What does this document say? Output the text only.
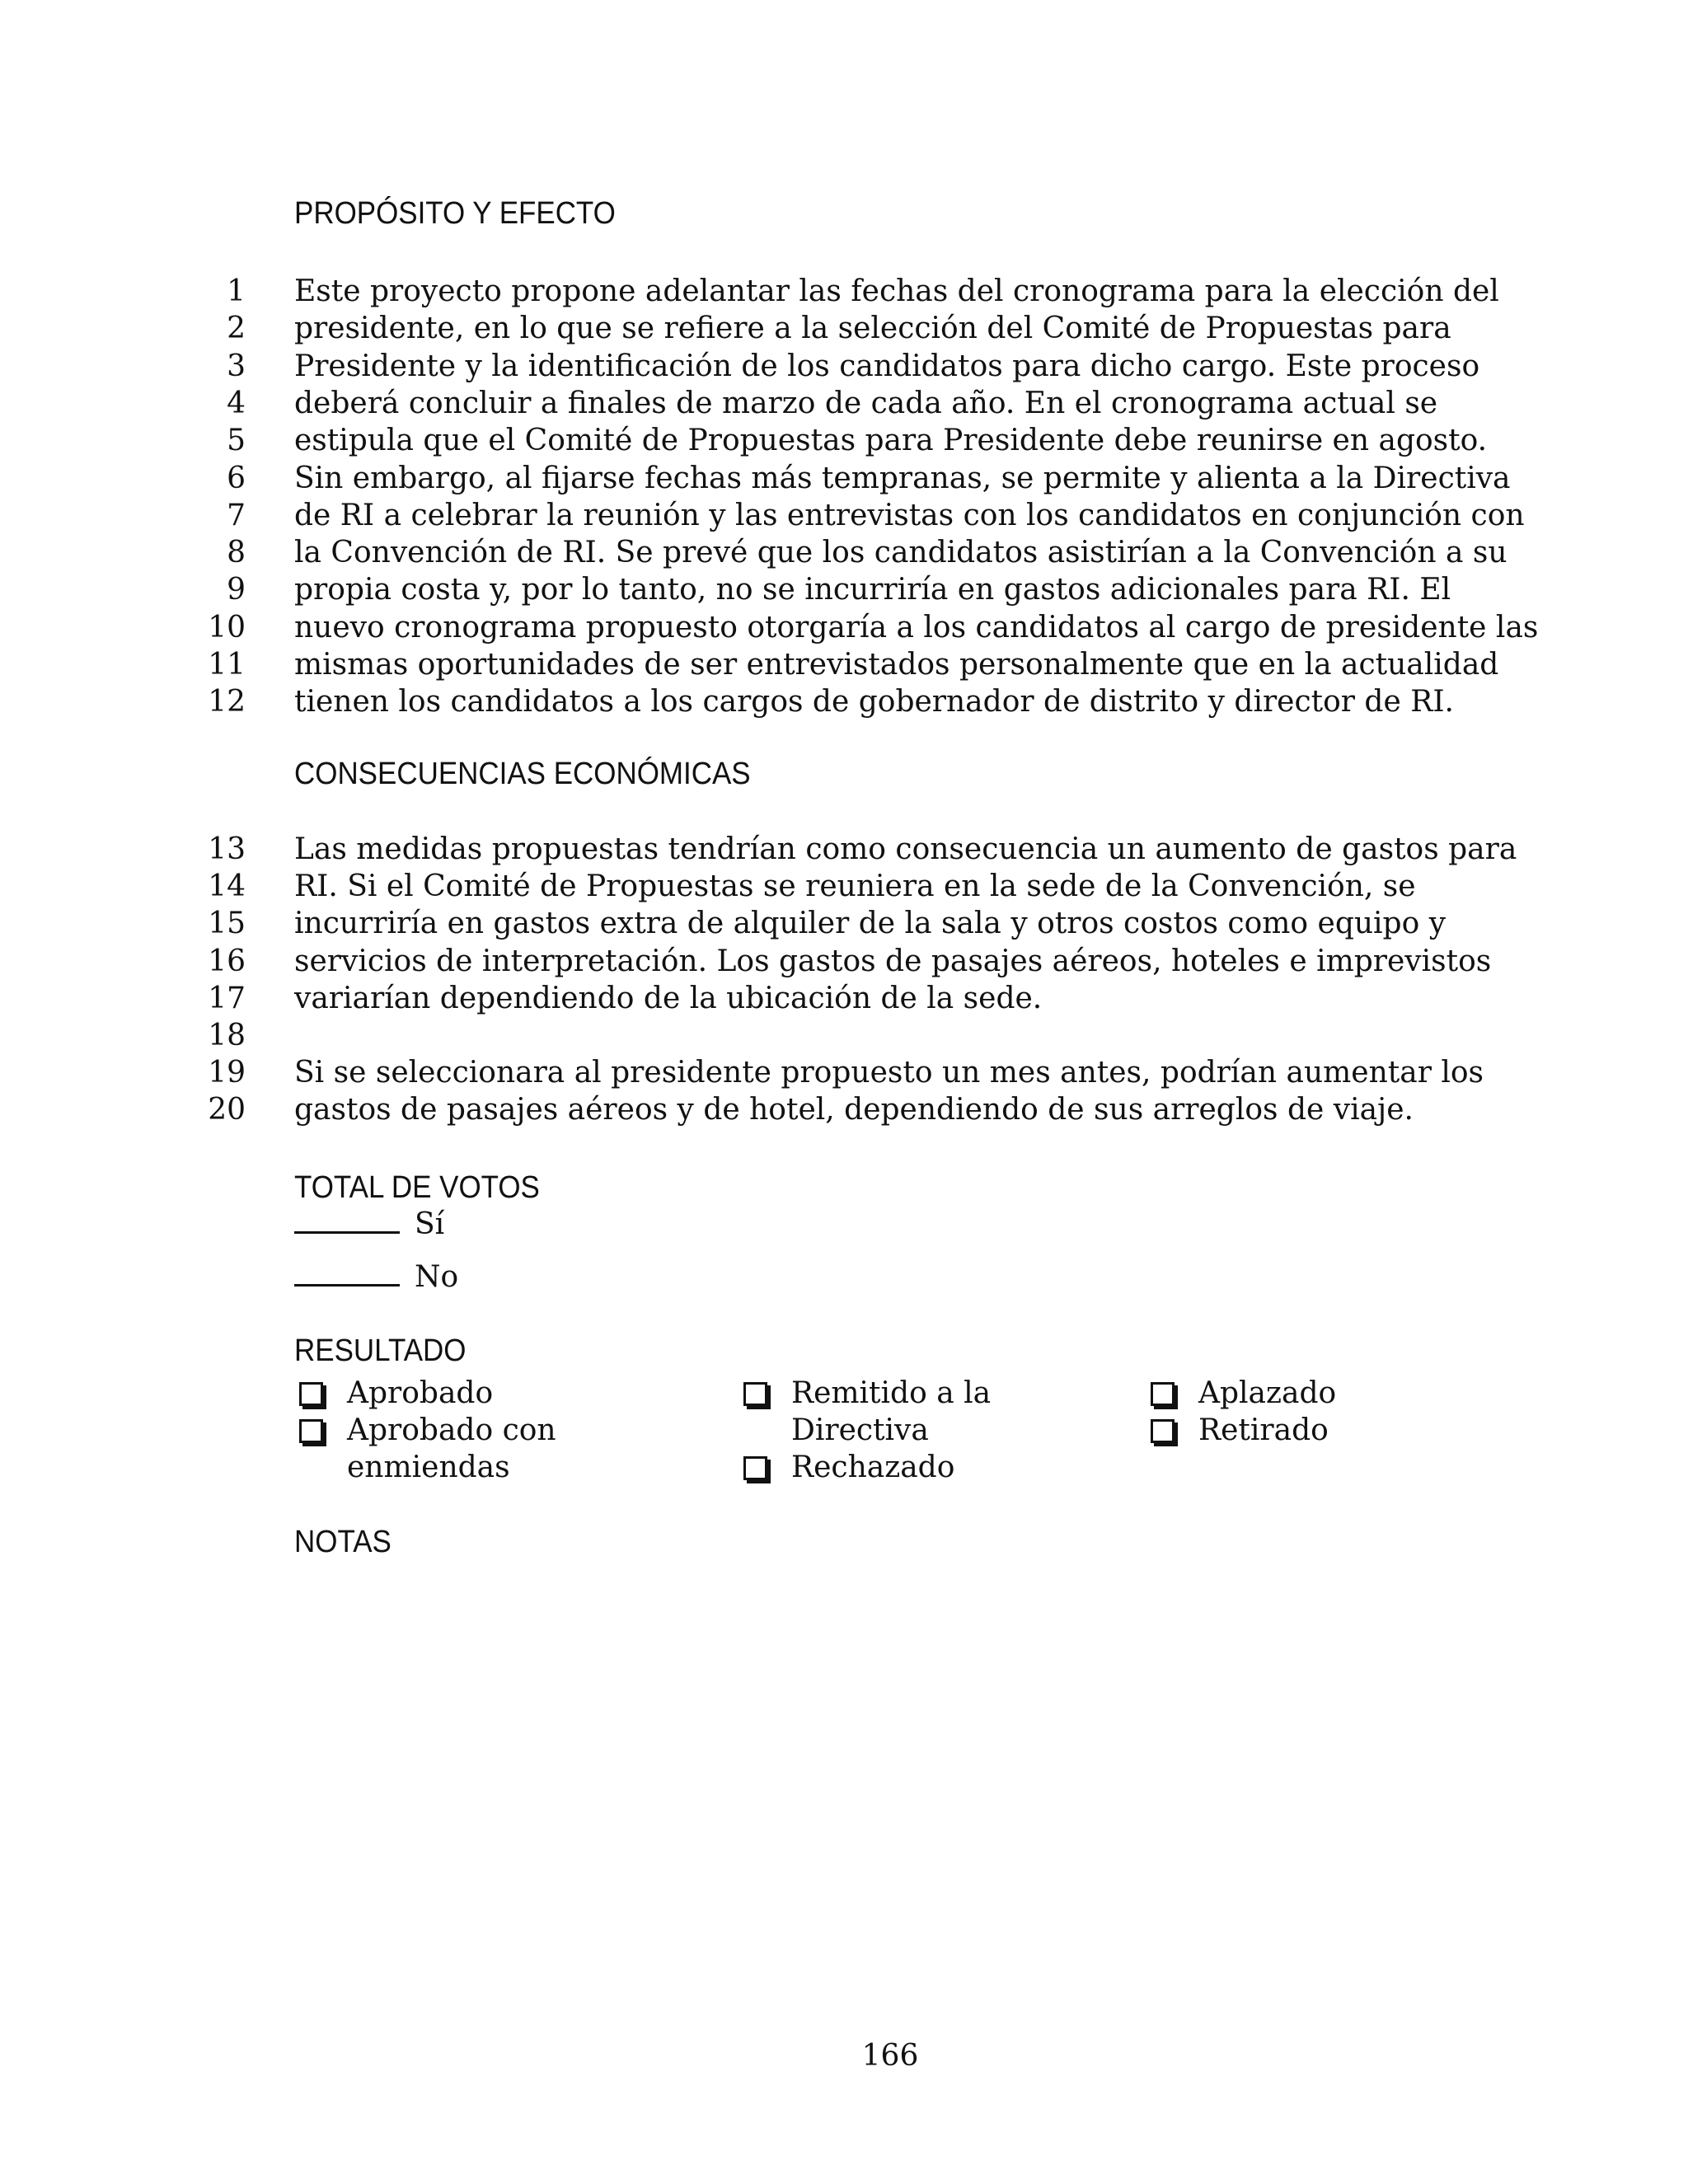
PROPÓSITO Y EFECTO
1 Este proyecto propone adelantar las fechas del cronograma para la elección del
2 presidente, en lo que se refiere a la selección del Comité de Propuestas para
3 Presidente y la identificación de los candidatos para dicho cargo. Este proceso
4 deberá concluir a finales de marzo de cada año. En el cronograma actual se
5 estipula que el Comité de Propuestas para Presidente debe reunirse en agosto.
6 Sin embargo, al fijarse fechas más tempranas, se permite y alienta a la Directiva
7 de RI a celebrar la reunión y las entrevistas con los candidatos en conjunción con
8 la Convención de RI. Se prevé que los candidatos asistirían a la Convención a su
9 propia costa y, por lo tanto, no se incurriría en gastos adicionales para RI. El
10 nuevo cronograma propuesto otorgaría a los candidatos al cargo de presidente las
11 mismas oportunidades de ser entrevistados personalmente que en la actualidad
12 tienen los candidatos a los cargos de gobernador de distrito y director de RI.
CONSECUENCIAS ECONÓMICAS
13 Las medidas propuestas tendrían como consecuencia un aumento de gastos para
14 RI. Si el Comité de Propuestas se reuniera en la sede de la Convención, se
15 incurriría en gastos extra de alquiler de la sala y otros costos como equipo y
16 servicios de interpretación. Los gastos de pasajes aéreos, hoteles e imprevistos
17 variarían dependiendo de la ubicación de la sede.
18
19 Si se seleccionara al presidente propuesto un mes antes, podrían aumentar los
20 gastos de pasajes aéreos y de hotel, dependiendo de sus arreglos de viaje.
TOTAL DE VOTOS
Sí
No
RESULTADO
Aprobado
Aprobado con
enmiendas
Remitido a la
Directiva
Rechazado
Aplazado
Retirado
NOTAS
166
